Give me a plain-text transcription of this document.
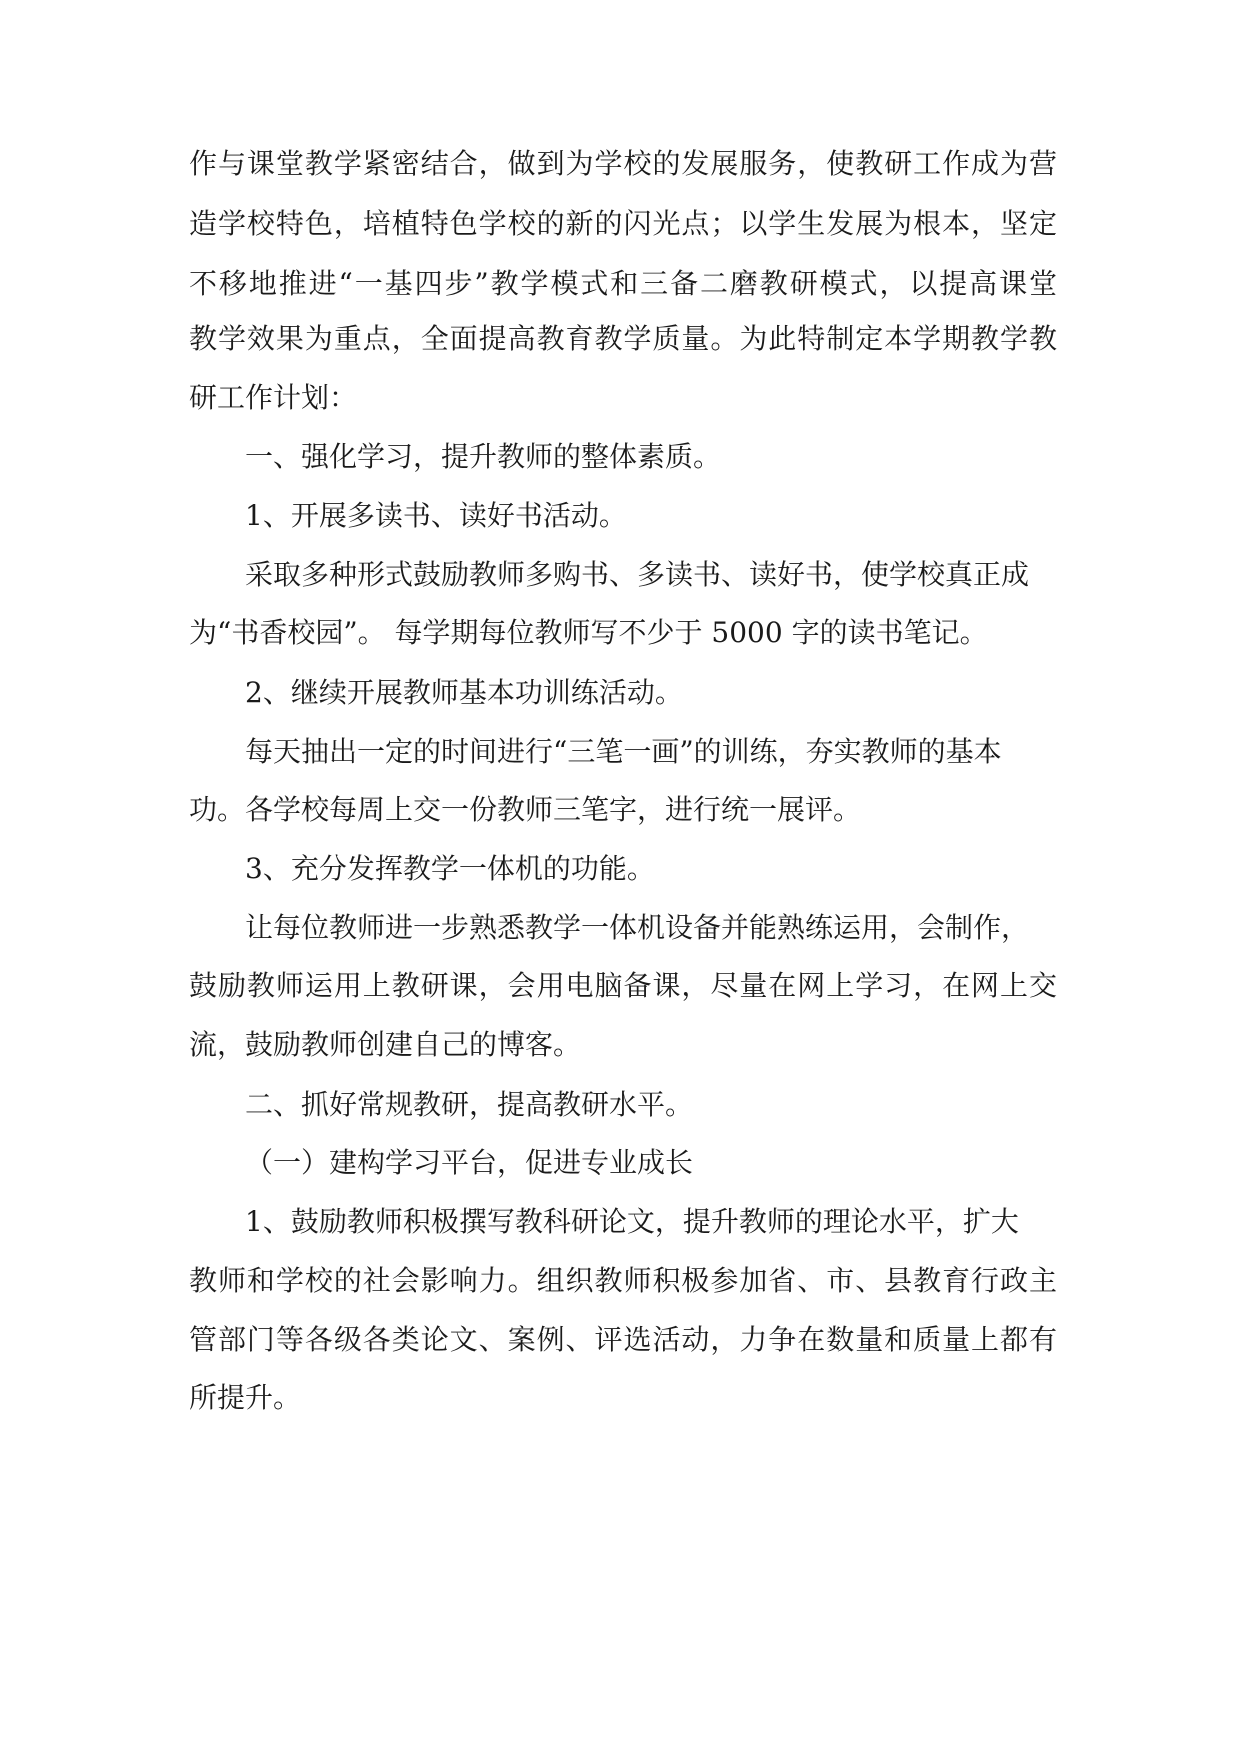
作与课堂教学紧密结合，做到为学校的发展服务，使教研工作成为营
造学校特色，培植特色学校的新的闪光点；以学生发展为根本，坚定
不移地推进“一基四步”教学模式和三备二磨教研模式，以提高课堂
教学效果为重点，全面提高教育教学质量。为此特制定本学期教学教
研工作计划：
一、强化学习，提升教师的整体素质。
1、开展多读书、读好书活动。
采取多种形式鼓励教师多购书、多读书、读好书，使学校真正成
为“书香校园”。 每学期每位教师写不少于 5000 字的读书笔记。
2、继续开展教师基本功训练活动。
每天抽出一定的时间进行“三笔一画”的训练，夯实教师的基本
功。各学校每周上交一份教师三笔字，进行统一展评。
3、充分发挥教学一体机的功能。
让每位教师进一步熟悉教学一体机设备并能熟练运用，会制作，
鼓励教师运用上教研课，会用电脑备课，尽量在网上学习，在网上交
流，鼓励教师创建自己的博客。
二、抓好常规教研，提高教研水平。
（一）建构学习平台，促进专业成长
1、鼓励教师积极撰写教科研论文，提升教师的理论水平，扩大
教师和学校的社会影响力。组织教师积极参加省、市、县教育行政主
管部门等各级各类论文、案例、评选活动，力争在数量和质量上都有
所提升。
